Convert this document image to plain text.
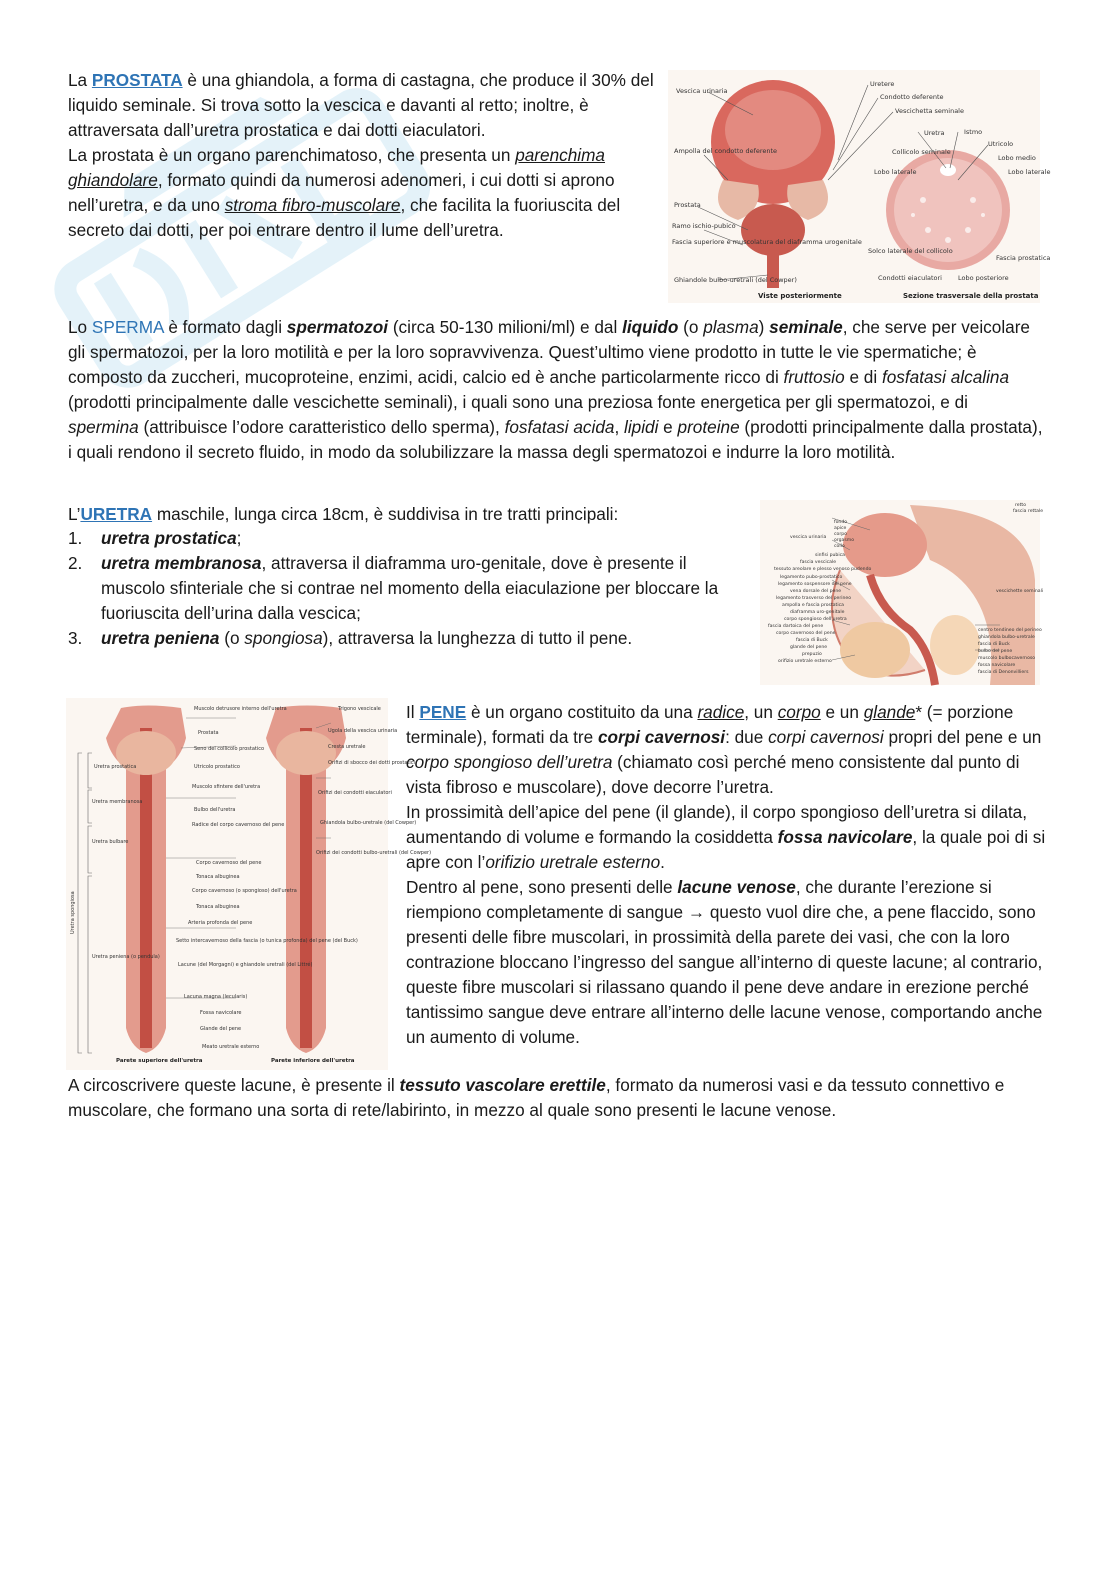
La PROSTATA è una ghiandola, a forma di castagna, che produce il 30% del liquido seminale. Si trova sotto la vescica e davanti al retto; inoltre, è attraversata dall’uretra prostatica e dai dotti eiaculatori.
La prostata è un organo parenchimatoso, che presenta un parenchima ghiandolare, formato quindi da numerosi adenomeri, i cui dotti si aprono nell’uretra, e da uno stroma fibro-muscolare, che facilita la fuoriuscita del secreto dai dotti, per poi entrare dentro il lume dell’uretra.

Vescica urinaria
Ampolla del condotto deferente
Prostata
Ramo ischio-pubico
Fascia superiore e muscolatura del diaframma urogenitale
Ghiandole bulbo-uretrali (del Cowper)
Uretere
Condotto deferente
Vescichetta seminale
Uretra	Istmo
Utricolo
Collicolo seminale
Lobo medio
Lobo laterale	Lobo laterale
Solco laterale del collicolo
Condotti eiaculatori Lobo posteriore
Fascia prostatica
Viste posteriormente	Sezione trasversale della prostata

Lo SPERMA è formato dagli spermatozoi (circa 50-130 milioni/ml) e dal liquido (o plasma) seminale, che serve per veicolare gli spermatozoi, per la loro motilità e per la loro sopravvivenza. Quest’ultimo viene prodotto in tutte le vie spermatiche; è composto da zuccheri, mucoproteine, enzimi, acidi, calcio ed è anche particolarmente ricco di fruttosio e di fosfatasi alcalina (prodotti principalmente dalle vescichette seminali), i quali sono una preziosa fonte energetica per gli spermatozoi, e di spermina (attribuisce l’odore caratteristico dello sperma), fosfatasi acida, lipidi e proteine (prodotti principalmente dalla prostata), i quali rendono il secreto fluido, in modo da solubilizzare la massa degli spermatozoi e indurre la loro motilità.

L’URETRA maschile, lunga circa 18cm, è suddivisa in tre tratti principali:

1. uretra prostatica;
2. uretra membranosa, attraversa il diaframma uro-genitale, dove è presente il muscolo sfinteriale che si contrae nel momento della eiaculazione per bloccare la fuoriuscita dell’urina dalla vescica;
3. uretra peniena (o spongiosa), attraversa la lunghezza di tutto il pene.
fondo
apice
corpo
orgasmo
collo
vescica urinaria
sinfisi pubica
fascia vescicale
tessuto areolare e plesso venoso pudendo
legamento pubo-prostatico
legamento sospensore del pene
vena dorsale del pene
legamento trasverso del perineo
ampolla e fascia prostatica
diaframma uro-genitale
corpo spongioso dell'uretra
fascia dartoica del pene
corpo cavernoso del pene
fascia di Buck
glande del pene
prepuzio
orifizio uretrale esterno
retto
fascia rettale
vescichette seminali
centro tendineo del perineo
ghiandola bulbo-uretrale
fascia di Buck
bulbo del pene
muscolo bulbocavernoso
fossa navicolare
fascia di Denonvilliers
Uretra prostatica
Uretra membranosa
Uretra bulbare
Uretra spongiosa
Uretra peniena (o pendula)
Muscolo detrusore interno dell'uretra
Prostata
Seno del collicolo prostatico
Utricolo prostatico
Muscolo sfintere dell'uretra
Bulbo dell'uretra
Radice del corpo cavernoso del pene
Corpo cavernoso del pene
Tonaca albuginea
Corpo cavernoso (o spongioso) dell'uretra
Tonaca albuginea
Arteria profonda del pene
Setto intercavernoso della fascia (o tunica profonda) del pene (del Buck)
Lacune (del Morgagni) e ghiandole uretrali (del Littré)
Lacuna magna (lecularis)
Fossa navicolare
Glande del pene
Meato uretrale esterno
Trigono vescicale
Ugola della vescica urinaria
Cresta uretrale
Orifizi di sbocco dei dotti prostatici
Orifizi dei condotti eiaculatori
Ghiandola bulbo-uretrale (del Cowper)
Orifizi dei condotti bulbo-uretrali (del Cowper)
Parete superiore dell'uretra	Parete inferiore dell'uretra

Il PENE è un organo costituito da una radice, un corpo e un glande* (= porzione terminale), formati da tre corpi cavernosi: due corpi cavernosi propri del pene e un corpo spongioso dell’uretra (chiamato così perché meno consistente dal punto di vista fibroso e muscolare), dove decorre l’uretra.
In prossimità dell’apice del pene (il glande), il corpo spongioso dell’uretra si dilata, aumentando di volume e formando la cosiddetta fossa navicolare, la quale poi di si apre con l’orifizio uretrale esterno.
Dentro al pene, sono presenti delle lacune venose, che durante l’erezione si riempiono completamente di sangue → questo vuol dire che, a pene flaccido, sono presenti delle fibre muscolari, in prossimità della parete dei vasi, che con la loro contrazione bloccano l’ingresso del sangue all’interno di queste lacune; al contrario, queste fibre muscolari si rilassano quando il pene deve andare in erezione perché tantissimo sangue deve entrare all’interno delle lacune venose, comportando anche un aumento di volume.

A circoscrivere queste lacune, è presente il tessuto vascolare erettile, formato da numerosi vasi e da tessuto connettivo e muscolare, che formano una sorta di rete/labirinto, in mezzo al quale sono presenti le lacune venose.
